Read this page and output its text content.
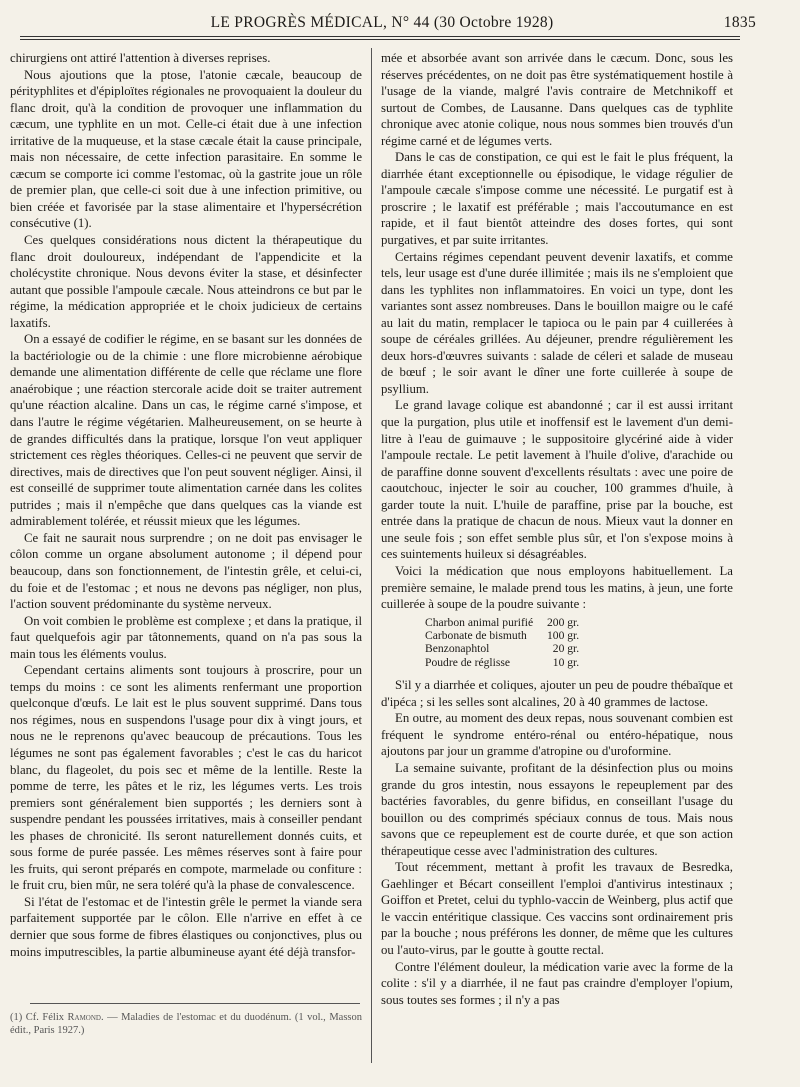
LE PROGRÈS MÉDICAL, N° 44 (30 Octobre 1928)	1835

chirurgiens ont attiré l'attention à diverses reprises.

Nous ajoutions que la ptose, l'atonie cæcale, beaucoup de pérityphlites et d'épiploïtes régionales ne provoquaient la douleur du flanc droit, qu'à la condition de provoquer une inflammation du cæcum, une typhlite en un mot. Celle-ci était due à une infection irritative de la muqueuse, et la stase cæcale était la cause principale, mais non nécessaire, de cette infection parasitaire. En somme le cæcum se comporte ici comme l'estomac, où la gastrite joue un rôle de premier plan, que celle-ci soit due à une infection primitive, ou bien créée et favorisée par la stase alimentaire et l'hypersécrétion consécutive (1).

Ces quelques considérations nous dictent la thérapeutique du flanc droit douloureux, indépendant de l'appendicite et la cholécystite chronique. Nous devons éviter la stase, et désinfecter autant que possible l'ampoule cæcale. Nous atteindrons ce but par le régime, la médication appropriée et le choix judicieux de certains laxatifs.

On a essayé de codifier le régime, en se basant sur les données de la bactériologie ou de la chimie : une flore microbienne aérobique demande une alimentation différente de celle que réclame une flore anaérobique ; une réaction stercorale acide doit se traiter autrement qu'une réaction alcaline. Dans un cas, le régime carné s'impose, et dans l'autre le régime végétarien. Malheureusement, on se heurte à de grandes difficultés dans la pratique, lorsque l'on veut appliquer strictement ces règles théoriques. Celles-ci ne peuvent que servir de directives, mais de directives que l'on peut souvent négliger. Ainsi, il est conseillé de supprimer toute alimentation carnée dans les colites putrides ; mais il n'empêche que dans quelques cas la viande est admirablement tolérée, et réussit mieux que les légumes.

Ce fait ne saurait nous surprendre ; on ne doit pas envisager le côlon comme un organe absolument autonome ; il dépend pour beaucoup, dans son fonctionnement, de l'intestin grêle, et celui-ci, du foie et de l'estomac ; et nous ne devons pas négliger, non plus, l'action souvent prédominante du système nerveux.

On voit combien le problème est complexe ; et dans la pratique, il faut quelquefois agir par tâtonnements, quand on n'a pas sous la main tous les éléments voulus.

Cependant certains aliments sont toujours à proscrire, pour un temps du moins : ce sont les aliments renfermant une proportion quelconque d'œufs. Le lait est le plus souvent supprimé. Dans tous nos régimes, nous en suspendons l'usage pour dix à vingt jours, et nous ne le reprenons qu'avec beaucoup de précautions. Tous les légumes ne sont pas également favorables ; c'est le cas du haricot blanc, du flageolet, du pois sec et même de la lentille. Reste la pomme de terre, les pâtes et le riz, les légumes verts. Les trois premiers sont généralement bien supportés ; les derniers sont à suspendre pendant les poussées irritatives, mais à conseiller pendant les phases de chronicité. Ils seront naturellement donnés cuits, et sous forme de purée passée. Les mêmes réserves sont à faire pour les fruits, qui seront préparés en compote, marmelade ou confiture : le fruit cru, bien mûr, ne sera toléré qu'à la phase de convalescence.

Si l'état de l'estomac et de l'intestin grêle le permet la viande sera parfaitement supportée par le côlon. Elle n'arrive en effet à ce dernier que sous forme de fibres élastiques ou conjonctives, plus ou moins imputrescibles, la partie albumineuse ayant été déjà transfor-

(1) Cf. Félix Ramond. — Maladies de l'estomac et du duodénum. (1 vol., Masson édit., Paris 1927.)

mée et absorbée avant son arrivée dans le cæcum. Donc, sous les réserves précédentes, on ne doit pas être systématiquement hostile à l'usage de la viande, malgré l'avis contraire de Metchnikoff et surtout de Combes, de Lausanne. Dans quelques cas de typhlite chronique avec atonie colique, nous nous sommes bien trouvés d'un régime carné et de légumes verts.

Dans le cas de constipation, ce qui est le fait le plus fréquent, la diarrhée étant exceptionnelle ou épisodique, le vidage régulier de l'ampoule cæcale s'impose comme une nécessité. Le purgatif est à proscrire ; le laxatif est préférable ; mais l'accoutumance en est rapide, et il faut bientôt atteindre des doses fortes, qui sont purgatives, et par suite irritantes.

Certains régimes cependant peuvent devenir laxatifs, et comme tels, leur usage est d'une durée illimitée ; mais ils ne s'emploient que dans les typhlites non inflammatoires. En voici un type, dont les variantes sont assez nombreuses. Dans le bouillon maigre ou le café au lait du matin, remplacer le tapioca ou le pain par 4 cuillerées à soupe de céréales grillées. Au déjeuner, prendre régulièrement les deux hors-d'œuvres suivants : salade de céleri et salade de museau de bœuf ; le soir avant le dîner une forte cuillerée à soupe de psyllium.

Le grand lavage colique est abandonné ; car il est aussi irritant que la purgation, plus utile et inoffensif est le lavement d'un demi-litre à l'eau de guimauve ; le suppositoire glycériné aide à vider l'ampoule rectale. Le petit lavement à l'huile d'olive, d'arachide ou de paraffine donne souvent d'excellents résultats : avec une poire de caoutchouc, injecter le soir au coucher, 100 grammes d'huile, à garder toute la nuit. L'huile de paraffine, prise par la bouche, est entrée dans la pratique de chacun de nous. Mieux vaut la donner en une seule fois ; son effet semble plus sûr, et l'on s'expose moins à ces suintements huileux si désagréables.

Voici la médication que nous employons habituellement. La première semaine, le malade prend tous les matins, à jeun, une forte cuillerée à soupe de la poudre suivante :

Charbon animal purifié	200 gr.
Carbonate de bismuth	100 gr.
Benzonaphtol	20 gr.
Poudre de réglisse	10 gr.

S'il y a diarrhée et coliques, ajouter un peu de poudre thébaïque et d'ipéca ; si les selles sont alcalines, 20 à 40 grammes de lactose.

En outre, au moment des deux repas, nous souvenant combien est fréquent le syndrome entéro-rénal ou entéro-hépatique, nous ajoutons par jour un gramme d'atropine ou d'uroformine.

La semaine suivante, profitant de la désinfection plus ou moins grande du gros intestin, nous essayons le repeuplement par des bactéries favorables, du genre bifidus, en conseillant l'usage du bouillon ou des comprimés spéciaux connus de tous. Mais nous savons que ce repeuplement est de courte durée, et que son action thérapeutique cesse avec l'administration des cultures.

Tout récemment, mettant à profit les travaux de Besredka, Gaehlinger et Bécart conseillent l'emploi d'antivirus intestinaux ; Goiffon et Pretet, celui du typhlo-vaccin de Weinberg, plus actif que le vaccin entéritique classique. Ces vaccins sont ordinairement pris par la bouche ; nous préférons les donner, de même que les cultures ou l'auto-virus, par le goutte à goutte rectal.

Contre l'élément douleur, la médication varie avec la forme de la colite : s'il y a diarrhée, il ne faut pas craindre d'employer l'opium, sous toutes ses formes ; il n'y a pas
